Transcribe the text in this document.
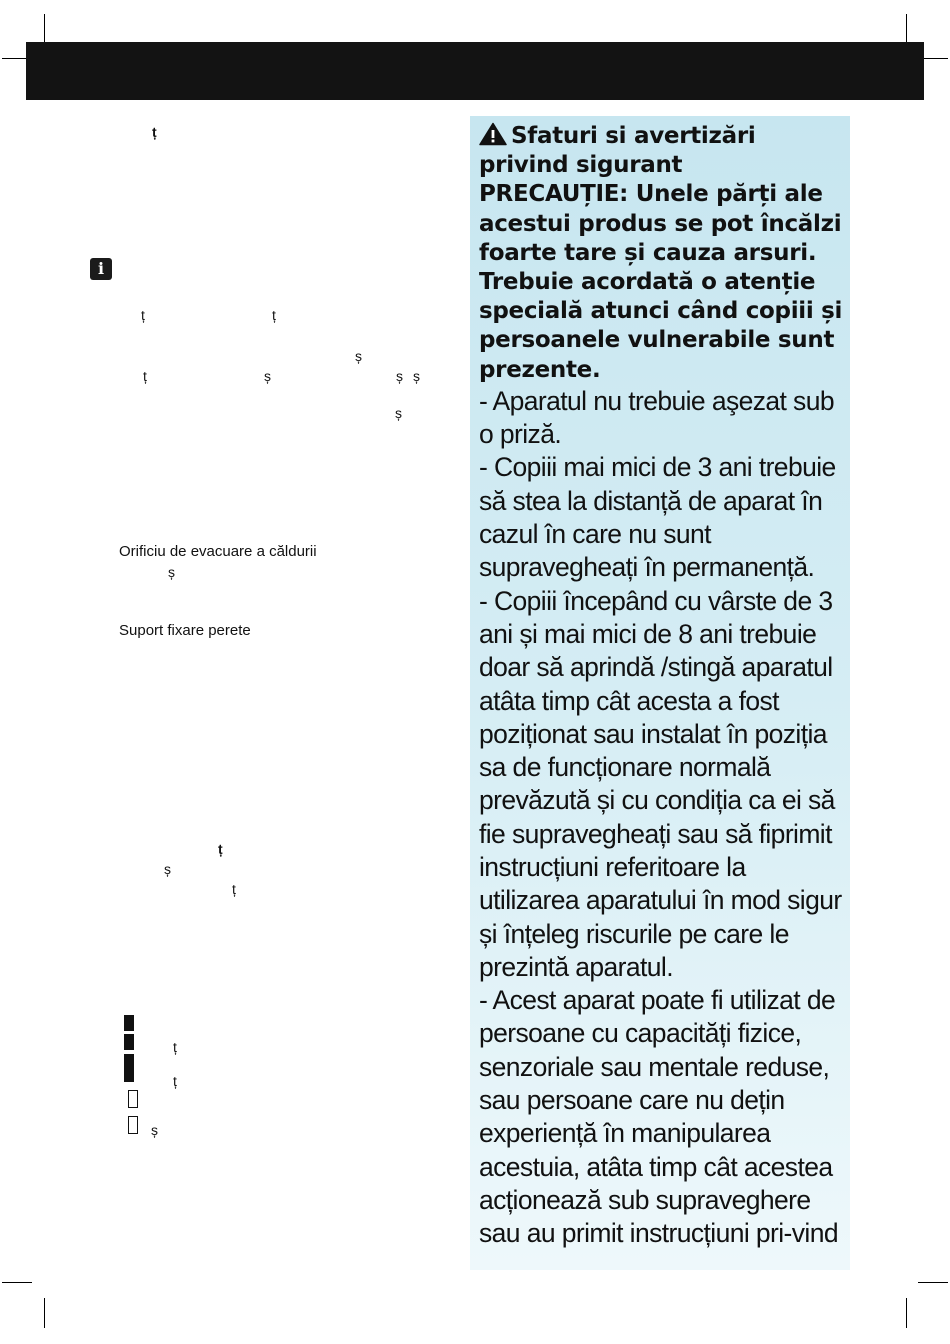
ț
i
ț	ț
ș
ț	ș	ș ș
ș
Orificiu de evacuare a căldurii
ș
Suport fixare perete
ț
ș
ț
ț
ț
ș

Sfaturi si avertizări privind sigurant
PRECAUȚIE: Unele părți ale acestui produs se pot încălzi foarte tare și cauza arsuri. Trebuie acordată o atenție specială atunci când copiii și persoanele vulnerabile sunt prezente.

- Aparatul nu trebuie aşezat sub o priză.
- Copiii mai mici de 3 ani trebuie să stea la distanță de aparat în cazul în care nu sunt supravegheați în permanență.
- Copiii începând cu vârste de 3 ani și mai mici de 8 ani trebuie doar să aprindă /stingă aparatul atâta timp cât acesta a fost poziționat sau instalat în poziția sa de funcționare normală prevăzută și cu condiția ca ei să fie supravegheați sau să fiprimit instrucțiuni referitoare la utilizarea aparatului în mod sigur și înțeleg riscurile pe care le prezintă aparatul.
- Acest aparat poate fi utilizat de persoane cu capacități fizice, senzoriale sau mentale reduse, sau persoane care nu dețin experiență în manipularea acestuia, atâta timp cât acestea acționează sub supraveghere sau au primit instrucțiuni pri-vind
